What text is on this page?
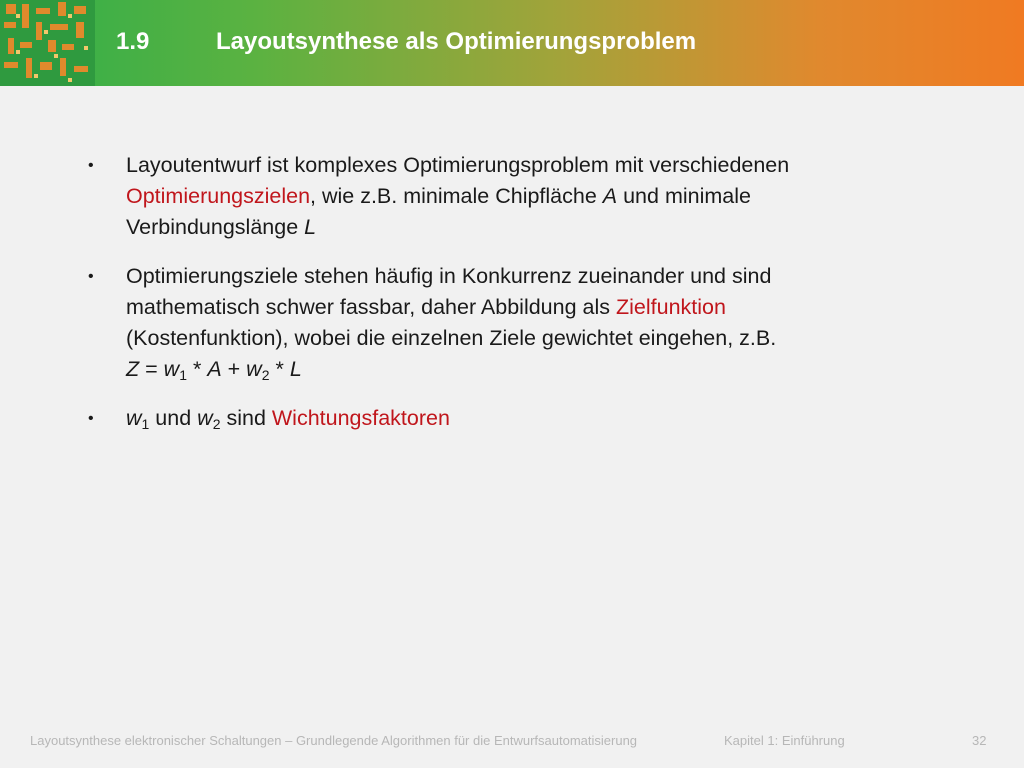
1.9	Layoutsynthese als Optimierungsproblem
• Layoutentwurf ist komplexes Optimierungsproblem mit verschiedenen Optimierungszielen, wie z.B. minimale Chipfläche A und minimale Verbindungslänge L
• Optimierungsziele stehen häufig in Konkurrenz zueinander und sind mathematisch schwer fassbar, daher Abbildung als Zielfunktion (Kostenfunktion), wobei die einzelnen Ziele gewichtet eingehen, z.B.
$Z = w_1 * A + w_2 * L$
• $w_1$ und $w_2$ sind Wichtungsfaktoren
Layoutsynthese elektronischer Schaltungen – Grundlegende Algorithmen für die Entwurfsautomatisierung	Kapitel 1: Einführung	32
